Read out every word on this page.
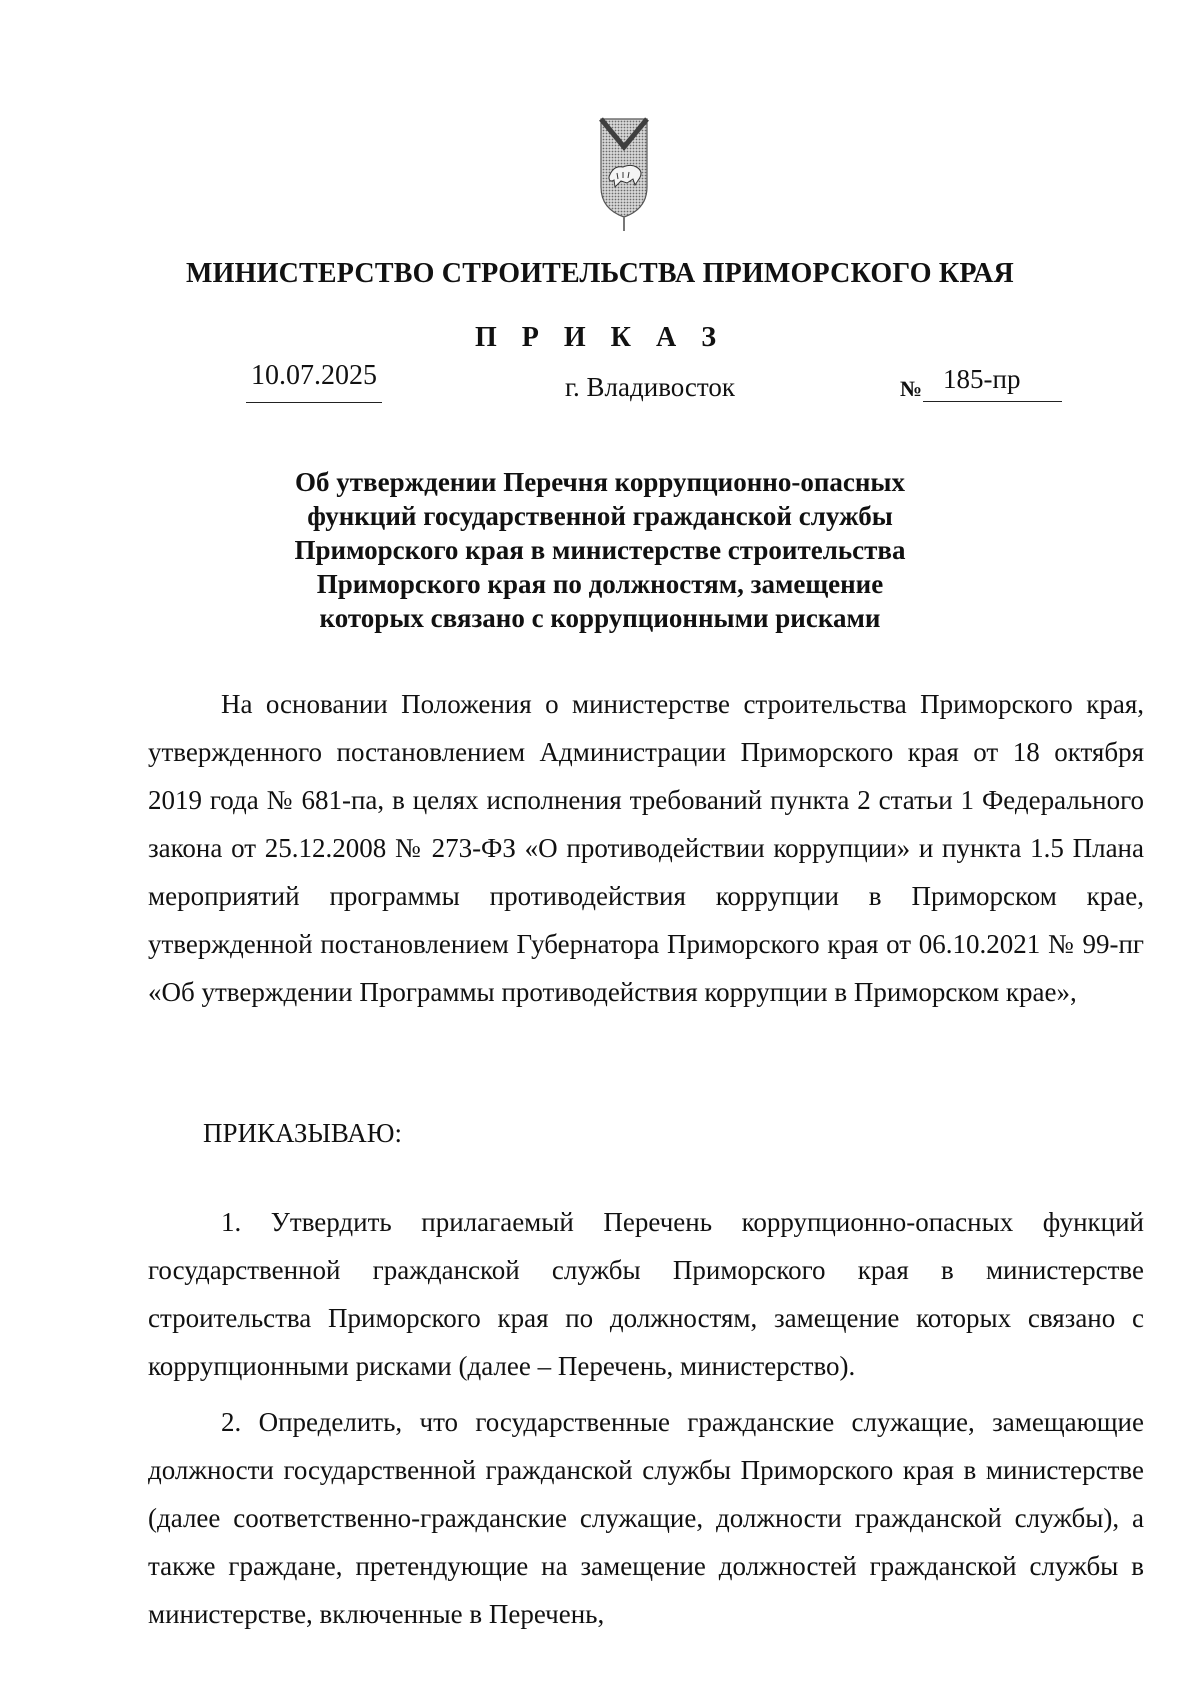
МИНИСТЕРСТВО СТРОИТЕЛЬСТВА ПРИМОРСКОГО КРАЯ
П Р И К А З
10.07.2025	г. Владивосток	№ 185-пр
Об утверждении Перечня коррупционно-опасных
функций государственной гражданской службы
Приморского края в министерстве строительства
Приморского края по должностям, замещение
которых связано с коррупционными рисками
На основании Положения о министерстве строительства Приморского края, утвержденного постановлением Администрации Приморского края от 18 октября 2019 года № 681-па, в целях исполнения требований пункта 2 статьи 1 Федерального закона от 25.12.2008 № 273-ФЗ «О противодействии коррупции» и пункта 1.5 Плана мероприятий программы противодействия коррупции в Приморском крае, утвержденной постановлением Губернатора Приморского края от 06.10.2021 № 99-пг «Об утверждении Программы противодействия коррупции в Приморском крае»,
ПРИКАЗЫВАЮ:
1. Утвердить прилагаемый Перечень коррупционно-опасных функций государственной гражданской службы Приморского края в министерстве строительства Приморского края по должностям, замещение которых связано с коррупционными рисками (далее – Перечень, министерство).
2. Определить, что государственные гражданские служащие, замещающие должности государственной гражданской службы Приморского края в министерстве (далее соответственно-гражданские служащие, должности гражданской службы), а также граждане, претендующие на замещение должностей гражданской службы в министерстве, включенные в Перечень,
